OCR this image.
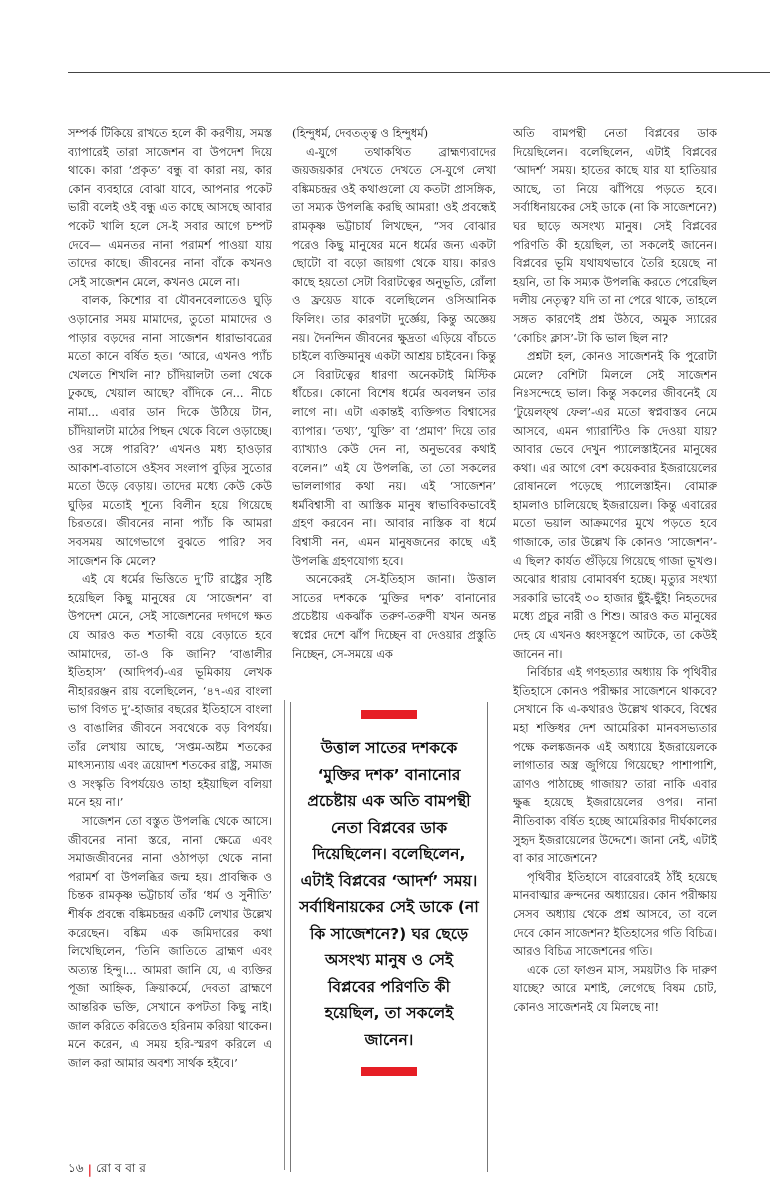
সম্পর্ক টিকিয়ে রাখতে হলে কী করণীয়, সমস্ত ব্যাপারেই তারা সাজেশন বা উপদেশ দিয়ে থাকে। কারা ‘প্রকৃত’ বন্ধু বা কারা নয়, কার কোন ব্যবহারে বোঝা যাবে, আপনার পকেট ভারী বলেই ওই বন্ধু এত কাছে আসছে আবার পকেট খালি হলে সে-ই সবার আগে চম্পট দেবে— এমনতর নানা পরামর্শ পাওয়া যায় তাদের কাছে। জীবনের নানা বাঁকে কখনও সেই সাজেশন মেলে, কখনও মেলে না।

বালক, কিশোর বা যৌবনবেলাতেও ঘুড়ি ওড়ানোর সময় মামাদের, তুতো মামাদের ও পাড়ার বড়দের নানা সাজেশন ধারাভাবত্রের মতো কানে বর্ষিত হত। ‘আরে, এখনও প্যাঁচ খেলতে শিখলি না? চাঁদিয়ালটা তলা থেকে ঢুকছে, খেয়াল আছে? বাঁদিকে নে... নীচে নামা... এবার ডান দিকে উঠিয়ে টান, চাঁদিয়ালটা মাঠের পিছন থেকে বিলে ওড়াচ্ছে। ওর সঙ্গে পারবি?’ এখনও মধ্য হাওড়ার আকাশ-বাতাসে ওইসব সংলাপ বুড়ির সুতোর মতো উড়ে বেড়ায়। তাদের মধ্যে কেউ কেউ ঘুড়ির মতোই শূন্যে বিলীন হয়ে গিয়েছে চিরতরে। জীবনের নানা প্যাঁচ কি আমরা সবসময় আগেভাগে বুঝতে পারি? সব সাজেশন কি মেলে?

এই যে ধর্মের ভিত্তিতে দু’টি রাষ্ট্রের সৃষ্টি হয়েছিল কিছু মানুষের যে ‘সাজেশন’ বা উপদেশ মেনে, সেই সাজেশনের দগদগে ক্ষত যে আরও কত শতাব্দী বয়ে বেড়াতে হবে আমাদের, তা-ও কি জানি? ‘বাঙালীর ইতিহাস’ (আদিপর্ব)-এর ভূমিকায় লেখক নীহাররঞ্জন রায় বলেছিলেন, ‘৪৭-এর বাংলা ভাগ বিগত দু’-হাজার বছরের ইতিহাসে বাংলা ও বাঙালির জীবনে সবথেকে বড় বিপর্যয়। তাঁর লেখায় আছে, ‘সপ্তম-অষ্টম শতকের মাৎস্যন্যায় এবং ত্রয়োদশ শতকের রাষ্ট্র, সমাজ ও সংস্কৃতি বিপর্যয়েও তাহা হইয়াছিল বলিয়া মনে হয় না।’

সাজেশন তো বস্তুত উপলব্ধি থেকে আসে। জীবনের নানা স্তরে, নানা ক্ষেত্রে এবং সমাজজীবনের নানা ওঠাপড়া থেকে নানা পরামর্শ বা উপলব্ধির জন্ম হয়। প্রাবন্ধিক ও চিন্তক রামকৃষ্ণ ভট্টাচার্য তাঁর ‘ধর্ম ও সুনীতি’ শীর্ষক প্রবন্ধে বঙ্কিমচন্দ্রর একটি লেখার উল্লেখ করেছেন। বঙ্কিম এক জমিদারের কথা লিখেছিলেন, ‘তিনি জাতিতে ব্রাহ্মণ এবং অত্যন্ত হিন্দু।... আমরা জানি যে, এ ব্যক্তির পূজা আহ্নিক, ক্রিয়াকর্মে, দেবতা ব্রাহ্মণে আন্তরিক ভক্তি, সেখানে কপটতা কিছু নাই। জাল করিতে করিতেও হরিনাম করিয়া থাকেন। মনে করেন, এ সময় হরি-স্মরণ করিলে এ জাল করা আমার অবশ্য সার্থক হইবে।’

(হিন্দুধর্ম, দেবতত্ত্ব ও হিন্দুধর্ম)

এ-যুগে তথাকথিত ব্রাহ্মণ্যবাদের জয়জয়কার দেখতে দেখতে সে-যুগে লেখা বঙ্কিমচন্দ্রর ওই কথাগুলো যে কতটা প্রাসঙ্গিক, তা সম্যক উপলব্ধি করছি আমরা! ওই প্রবন্ধেই রামকৃষ্ণ ভট্টাচার্য লিখছেন, “সব বোঝার পরেও কিছু মানুষের মনে ধর্মের জন্য একটা ছোটো বা বড়ো জায়গা থেকে যায়। কারও কাছে হয়তো সেটা বিরাটত্বের অনুভূতি, রোঁলা ও ফ্রয়েড যাকে বলেছিলেন ওসিআনিক ফিলিং। তার কারণটা দুর্জ্ঞেয়, কিন্তু অজ্ঞেয় নয়। দৈনন্দিন জীবনের ক্ষুদ্রতা এড়িয়ে বাঁচতে চাইলে ব্যক্তিমানুষ একটা আশ্রয় চাইবেন। কিন্তু সে বিরাটত্বের ধারণা অনেকটাই মিস্টিক ধাঁচের। কোনো বিশেষ ধর্মের অবলম্বন তার লাগে না। এটা একান্তই ব্যক্তিগত বিশ্বাসের ব্যাপার। ‘তথ্য’, ‘যুক্তি’ বা ‘প্রমাণ’ দিয়ে তার ব্যাখ্যাও কেউ দেন না, অনুভবের কথাই বলেন।” এই যে উপলব্ধি, তা তো সকলের ভাললাগার কথা নয়। এই ‘সাজেশন’ ধর্মবিশ্বাসী বা আস্তিক মানুষ স্বাভাবিকভাবেই গ্রহণ করবেন না। আবার নাস্তিক বা ধর্মে বিশ্বাসী নন, এমন মানুষজনের কাছে এই উপলব্ধি গ্রহণযোগ্য হবে।

অনেকেরই সে-ইতিহাস জানা। উত্তাল সাতের দশককে ‘মুক্তির দশক’ বানানোর প্রচেষ্টায় একঝাঁক তরুণ-তরুণী যখন অনন্ত স্বপ্নের দেশে ঝাঁপ দিচ্ছেন বা দেওয়ার প্রস্তুতি নিচ্ছেন, সে-সময়ে এক

উত্তাল সাতের দশককে ‘মুক্তির দশক’ বানানোর প্রচেষ্টায় এক অতি বামপন্থী নেতা বিপ্লবের ডাক দিয়েছিলেন। বলেছিলেন, এটাই বিপ্লবের ‘আদর্শ’ সময়। সর্বাধিনায়কের সেই ডাকে (না কি সাজেশনে?) ঘর ছেড়ে অসংখ্য মানুষ ও সেই বিপ্লবের পরিণতি কী হয়েছিল, তা সকলেই জানেন।

অতি বামপন্থী নেতা বিপ্লবের ডাক দিয়েছিলেন। বলেছিলেন, এটাই বিপ্লবের ‘আদর্শ’ সময়। হাতের কাছে যার যা হাতিয়ার আছে, তা নিয়ে ঝাঁপিয়ে পড়তে হবে। সর্বাধিনায়কের সেই ডাকে (না কি সাজেশনে?) ঘর ছাড়ে অসংখ্য মানুষ। সেই বিপ্লবের পরিণতি কী হয়েছিল, তা সকলেই জানেন। বিপ্লবের ভূমি যথাযথভাবে তৈরি হয়েছে না হয়নি, তা কি সম্যক উপলব্ধি করতে পেরেছিল দলীয় নেতৃত্ব? যদি তা না পেরে থাকে, তাহলে সঙ্গত কারণেই প্রশ্ন উঠবে, অমুক স্যারের ‘কোচিং ক্লাস’-টা কি ভাল ছিল না?

প্রশ্নটা হল, কোনও সাজেশনই কি পুরোটা মেলে? বেশিটা মিললে সেই সাজেশন নিঃসন্দেহে ভাল। কিন্তু সকলের জীবনেই যে ‘টুয়েলফ্থ ফেল’-এর মতো স্বপ্নবাস্তব নেমে আসবে, এমন গ্যারান্টিও কি দেওয়া যায়? আবার ভেবে দেখুন প্যালেস্তাইনের মানুষের কথা। এর আগে বেশ কয়েকবার ইজরায়েলের রোষানলে পড়েছে প্যালেস্তাইন। বোমারু হামলাও চালিয়েছে ইজরায়েল। কিন্তু এবারের মতো ভয়াল আক্রমণের মুখে পড়তে হবে গাজাকে, তার উল্লেখ কি কোনও ‘সাজেশন’-এ ছিল? কার্যত গুঁড়িয়ে গিয়েছে গাজা ভূখণ্ড। অঝোর ধারায় বোমাবর্ষণ হচ্ছে। মৃত্যুর সংখ্যা সরকারি ভাবেই ৩০ হাজার ছুঁই-ছুঁই! নিহতদের মধ্যে প্রচুর নারী ও শিশু। আরও কত মানুষের দেহ যে এখনও ধ্বংসস্তূপে আটকে, তা কেউই জানেন না।

নির্বিচার এই গণহত্যার অধ্যায় কি পৃথিবীর ইতিহাসে কোনও পরীক্ষার সাজেশনে থাকবে? সেখানে কি এ-কথারও উল্লেখ থাকবে, বিশ্বের মহা শক্তিধর দেশ আমেরিকা মানবসভ্যতার পক্ষে কলঙ্কজনক এই অধ্যায়ে ইজরায়েলকে লাগাতার অস্ত্র জুগিয়ে গিয়েছে? পাশাপাশি, ত্রাণও পাঠাচ্ছে গাজায়? তারা নাকি এবার ক্ষুব্ধ হয়েছে ইজরায়েলের ওপর। নানা নীতিবাক্য বর্ষিত হচ্ছে আমেরিকার দীর্ঘকালের সুহৃদ ইজরায়েলের উদ্দেশে। জানা নেই, এটাই বা কার সাজেশনে?

পৃথিবীর ইতিহাসে বারেবারেই ঠাঁই হয়েছে মানবাত্মার ক্রন্দনের অধ্যায়ের। কোন পরীক্ষায় সেসব অধ্যায় থেকে প্রশ্ন আসবে, তা বলে দেবে কোন সাজেশন? ইতিহাসের গতি বিচিত্র। আরও বিচিত্র সাজেশনের গতি।

একে তো ফাগুন মাস, সময়টাও কি দারুণ যাচ্ছে? আরে মশাই, লেগেছে বিষম চোট, কোনও সাজেশনই যে মিলছে না!

১৬ | রো ব বা র
